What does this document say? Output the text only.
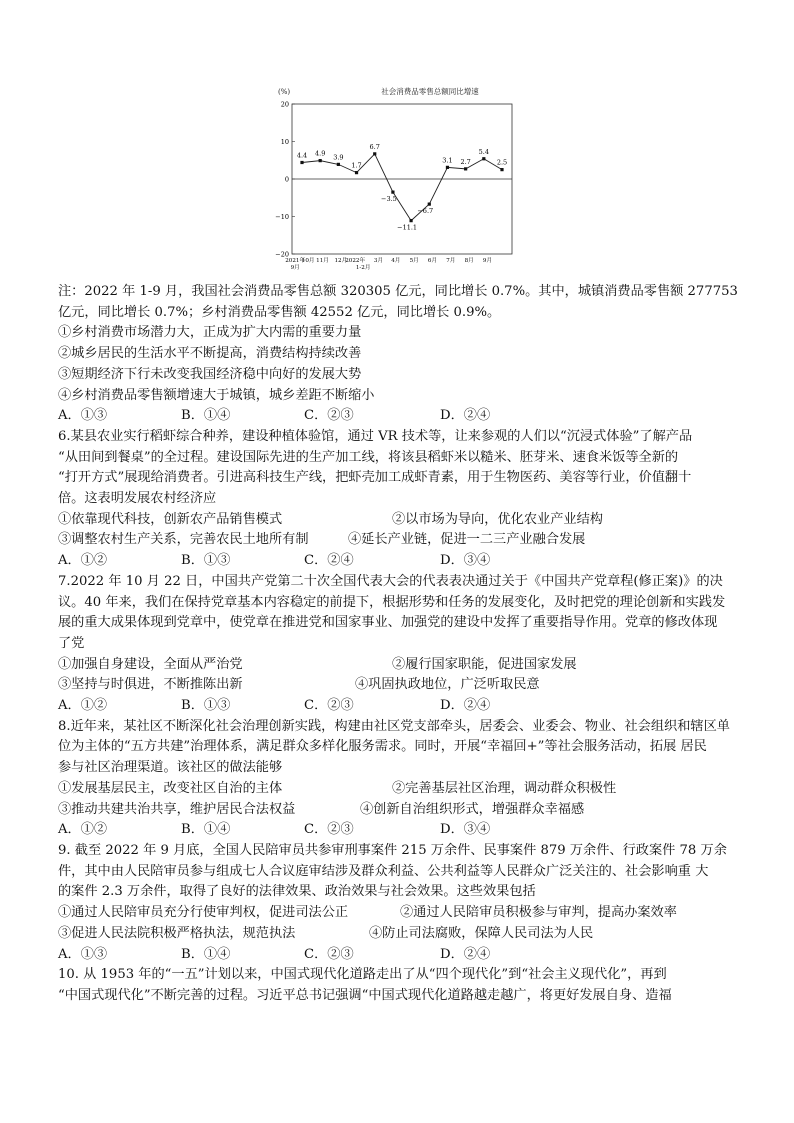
(%)	社会消费品零售总额同比增速
20
10
0
−10
−20
2021年
10月 11月 12月
2022年 3月 4月 5月 6月 7月 8月 9月
9月	1-2月
4.4 4.9 3.9
1.7
6.7
−3.5
−11.1
−6.7
3.1 2.7
5.4
2.5

注：2022 年 1-9 月，我国社会消费品零售总额 320305 亿元，同比增长 0.7%。其中，城镇消费品零售额 277753

亿元，同比增长 0.7%；乡村消费品零售额 42552 亿元，同比增长 0.9%。

①乡村消费市场潜力大，正成为扩大内需的重要力量

②城乡居民的生活水平不断提高，消费结构持续改善

③短期经济下行未改变我国经济稳中向好的发展大势

④乡村消费品零售额增速大于城镇，城乡差距不断缩小

A．①③	B．①④	C．②③	D．②④

6.某县农业实行稻虾综合种养，建设种植体验馆，通过 VR 技术等，让来参观的人们以“沉浸式体验”了解产品

“从田间到餐桌”的全过程。建设国际先进的生产加工线，将该县稻虾米以糙米、胚芽米、速食米饭等全新的

“打开方式”展现给消费者。引进高科技生产线，把虾壳加工成虾青素，用于生物医药、美容等行业，价值翻十

倍。这表明发展农村经济应

①依靠现代科技，创新农产品销售模式	②以市场为导向，优化农业产业结构
③调整农村生产关系，完善农民土地所有制	④延长产业链，促进一二三产业融合发展
A．①②	B．①③	C．②④	D．③④

7.2022 年 10 月 22 日，中国共产党第二十次全国代表大会的代表表决通过关于《中国共产党章程(修正案)》的决

议。40 年来，我们在保持党章基本内容稳定的前提下，根据形势和任务的发展变化，及时把党的理论创新和实践发

展的重大成果体现到党章中，使党章在推进党和国家事业、加强党的建设中发挥了重要指导作用。党章的修改体现

了党

①加强自身建设，全面从严治党	②履行国家职能，促进国家发展
③坚持与时俱进，不断推陈出新	④巩固执政地位，广泛听取民意
A．①②	B．①③	C．②③	D．②④

8.近年来，某社区不断深化社会治理创新实践，构建由社区党支部牵头，居委会、业委会、物业、社会组织和辖区单

位为主体的“五方共建”治理体系，满足群众多样化服务需求。同时，开展“幸福回+”等社会服务活动，拓展 居民

参与社区治理渠道。该社区的做法能够

①发展基层民主，改变社区自治的主体	②完善基层社区治理，调动群众积极性
③推动共建共治共享，维护居民合法权益	④创新自治组织形式，增强群众幸福感
A．①②	B．①④	C．②③	D．③④

9. 截至 2022 年 9 月底，全国人民陪审员共参审刑事案件 215 万余件、民事案件 879 万余件、行政案件 78 万余

件，其中由人民陪审员参与组成七人合议庭审结涉及群众利益、公共利益等人民群众广泛关注的、社会影响重 大

的案件 2.3 万余件，取得了良好的法律效果、政治效果与社会效果。这些效果包括

①通过人民陪审员充分行使审判权，促进司法公正	②通过人民陪审员积极参与审判，提高办案效率
③促进人民法院积极严格执法，规范执法	④防止司法腐败，保障人民司法为人民
A．①③	B．①④	C．②③	D．②④

10. 从 1953 年的“一五”计划以来，中国式现代化道路走出了从“四个现代化”到“社会主义现代化”，再到

“中国式现代化”不断完善的过程。习近平总书记强调“中国式现代化道路越走越广，将更好发展自身、造福
